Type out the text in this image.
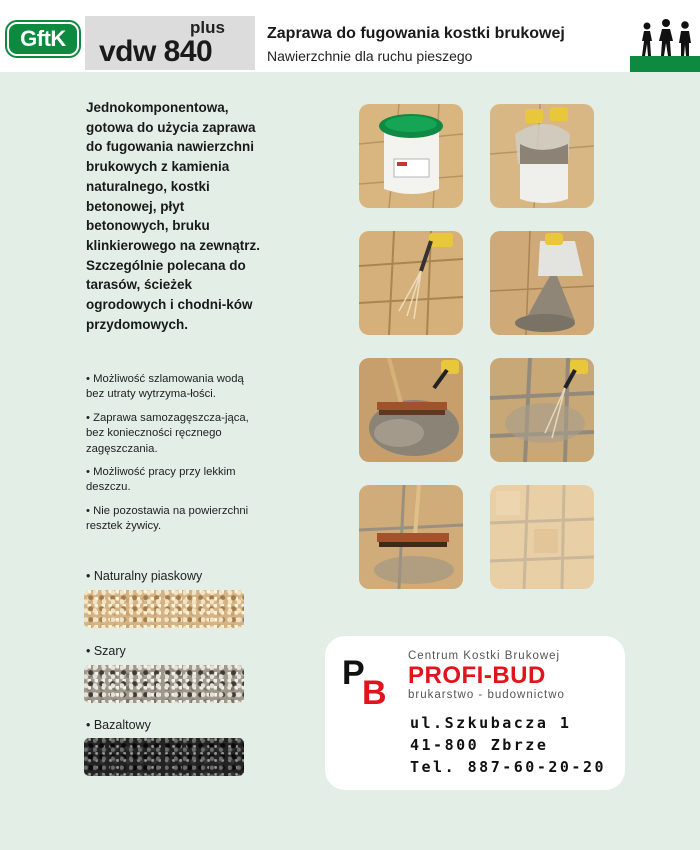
GftK	plus
vdw 840
Zaprawa do fugowania kostki brukowej
Nawierzchnie dla ruchu pieszego
Jednokomponentowa, gotowa do użycia zaprawa do fugowania nawierzchni brukowych z kamienia naturalnego, kostki betonowej, płyt betonowych, bruku klinkierowego na zewnątrz. Szczególnie polecana do tarasów, ścieżek ogrodowych i chodni-ków przydomowych.
• Możliwość szlamowania wodą bez utraty wytrzyma-łości.
• Zaprawa samozagęszcza-jąca, bez konieczności ręcznego zagęszczania.
• Możliwość pracy przy lekkim deszczu.
• Nie pozostawia na powierzchni resztek żywicy.
• Naturalny piaskowy
• Szary
• Bazaltowy
P
B
Centrum Kostki Brukowej
PROFI-BUD
brukarstwo - budownictwo
ul.Szkubacza 1
41-800 Zbrze
Tel. 887-60-20-20
